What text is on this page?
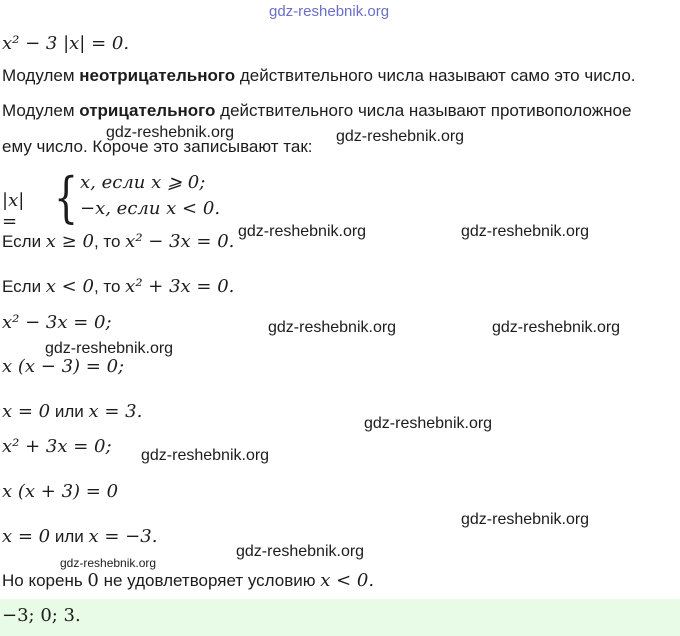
gdz-reshebnik.org
gdz-reshebnik.org	gdz-reshebnik.org
gdz-reshebnik.org	gdz-reshebnik.org
gdz-reshebnik.org	gdz-reshebnik.org
gdz-reshebnik.org
gdz-reshebnik.org
gdz-reshebnik.org
gdz-reshebnik.org
gdz-reshebnik.org
gdz-reshebnik.org
x² − 3 |x| = 0.
Модулем неотрицательного действительного числа называют само это число.
Модулем отрицательного действительного числа называют противоположное
ему число. Короче это записывают так:
|x| = { x, если x ⩾ 0;
−x, если x < 0.
Если x ≥ 0, то x² − 3x = 0.
Если x < 0, то x² + 3x = 0.
x² − 3x = 0;
x (x − 3) = 0;
x = 0 или x = 3.
x² + 3x = 0;
x (x + 3) = 0
x = 0 или x = −3.
Но корень 0 не удовлетворяет условию x < 0.
−3; 0; 3.
